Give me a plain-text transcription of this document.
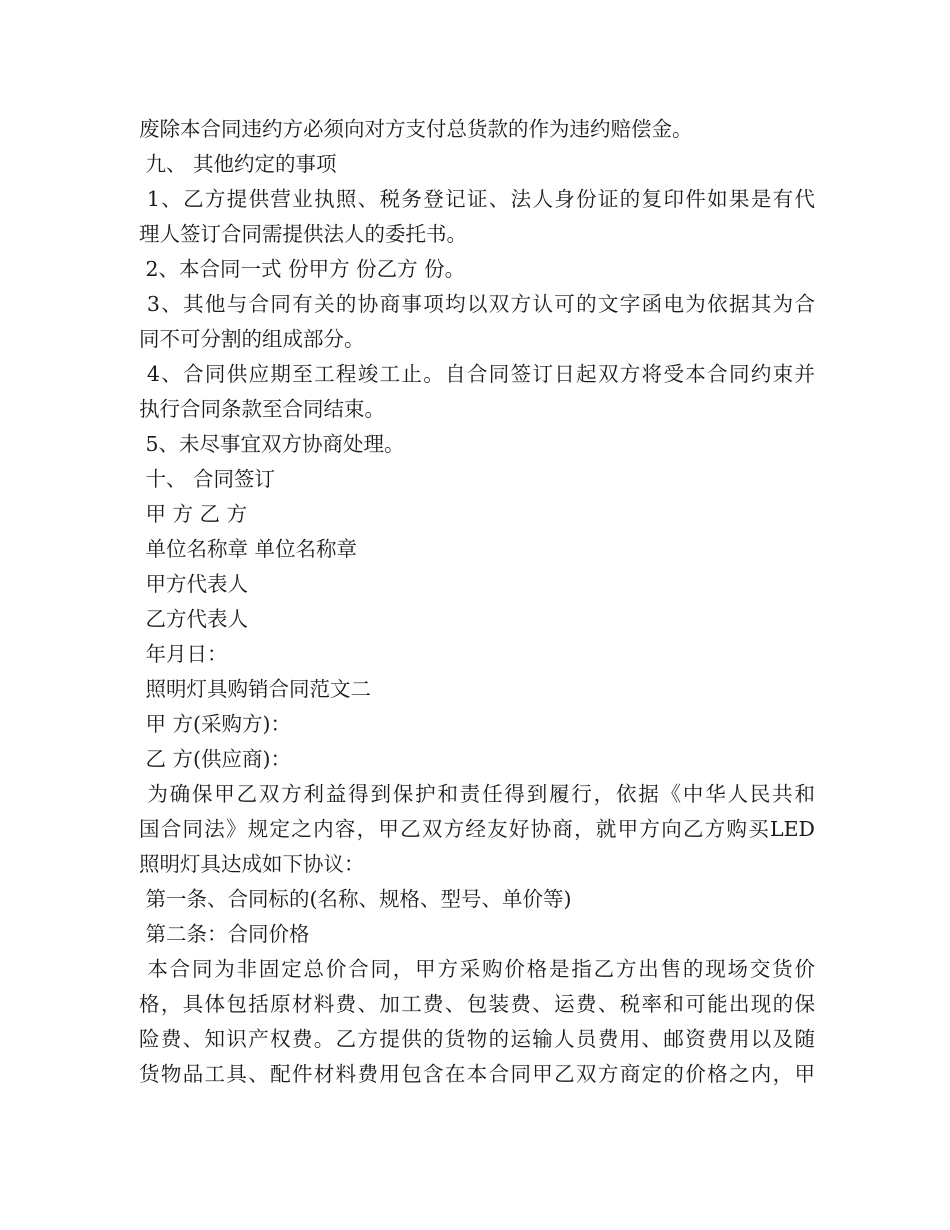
废除本合同违约方必须向对方支付总货款的作为违约赔偿金。
九、 其他约定的事项
1、乙方提供营业执照、税务登记证、法人身份证的复印件如果是有代
理人签订合同需提供法人的委托书。
2、本合同一式 份甲方 份乙方 份。
3、其他与合同有关的协商事项均以双方认可的文字函电为依据其为合
同不可分割的组成部分。
4、合同供应期至工程竣工止。自合同签订日起双方将受本合同约束并
执行合同条款至合同结束。
5、未尽事宜双方协商处理。
十、 合同签订
甲 方 乙 方
单位名称章 单位名称章
甲方代表人
乙方代表人
年月日：
照明灯具购销合同范文二
甲 方(采购方)：
乙 方(供应商)：
为确保甲乙双方利益得到保护和责任得到履行，依据《中华人民共和
国合同法》规定之内容，甲乙双方经友好协商，就甲方向乙方购买LED
照明灯具达成如下协议：
第一条、合同标的(名称、规格、型号、单价等)
第二条：合同价格
本合同为非固定总价合同，甲方采购价格是指乙方出售的现场交货价
格，具体包括原材料费、加工费、包装费、运费、税率和可能出现的保
险费、知识产权费。乙方提供的货物的运输人员费用、邮资费用以及随
货物品工具、配件材料费用包含在本合同甲乙双方商定的价格之内，甲
